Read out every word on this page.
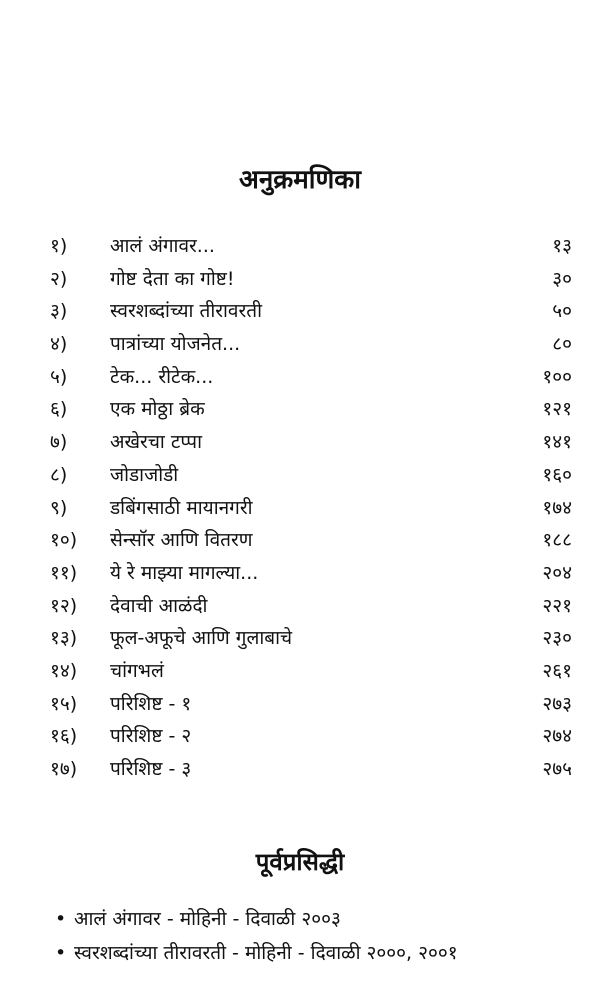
अनुक्रमणिका
१)	आलं अंगावर...	१३
२)	गोष्ट देता का गोष्ट!	३०
३)	स्वरशब्दांच्या तीरावरती	५०
४)	पात्रांच्या योजनेत...	८०
५)	टेक... रीटेक...	१००
६)	एक मोठ्ठा ब्रेक	१२१
७)	अखेरचा टप्पा	१४१
८)	जोडाजोडी	१६०
९)	डबिंगसाठी मायानगरी	१७४
१०)	सेन्सॉर आणि वितरण	१८८
११)	ये रे माझ्या मागल्या...	२०४
१२)	देवाची आळंदी	२२१
१३)	फूल-अफूचे आणि गुलाबाचे	२३०
१४)	चांगभलं	२६१
१५)	परिशिष्ट - १	२७३
१६)	परिशिष्ट - २	२७४
१७)	परिशिष्ट - ३	२७५
पूर्वप्रसिद्धी
• आलं अंगावर - मोहिनी - दिवाळी २००३
• स्वरशब्दांच्या तीरावरती - मोहिनी - दिवाळी २०००, २००१
